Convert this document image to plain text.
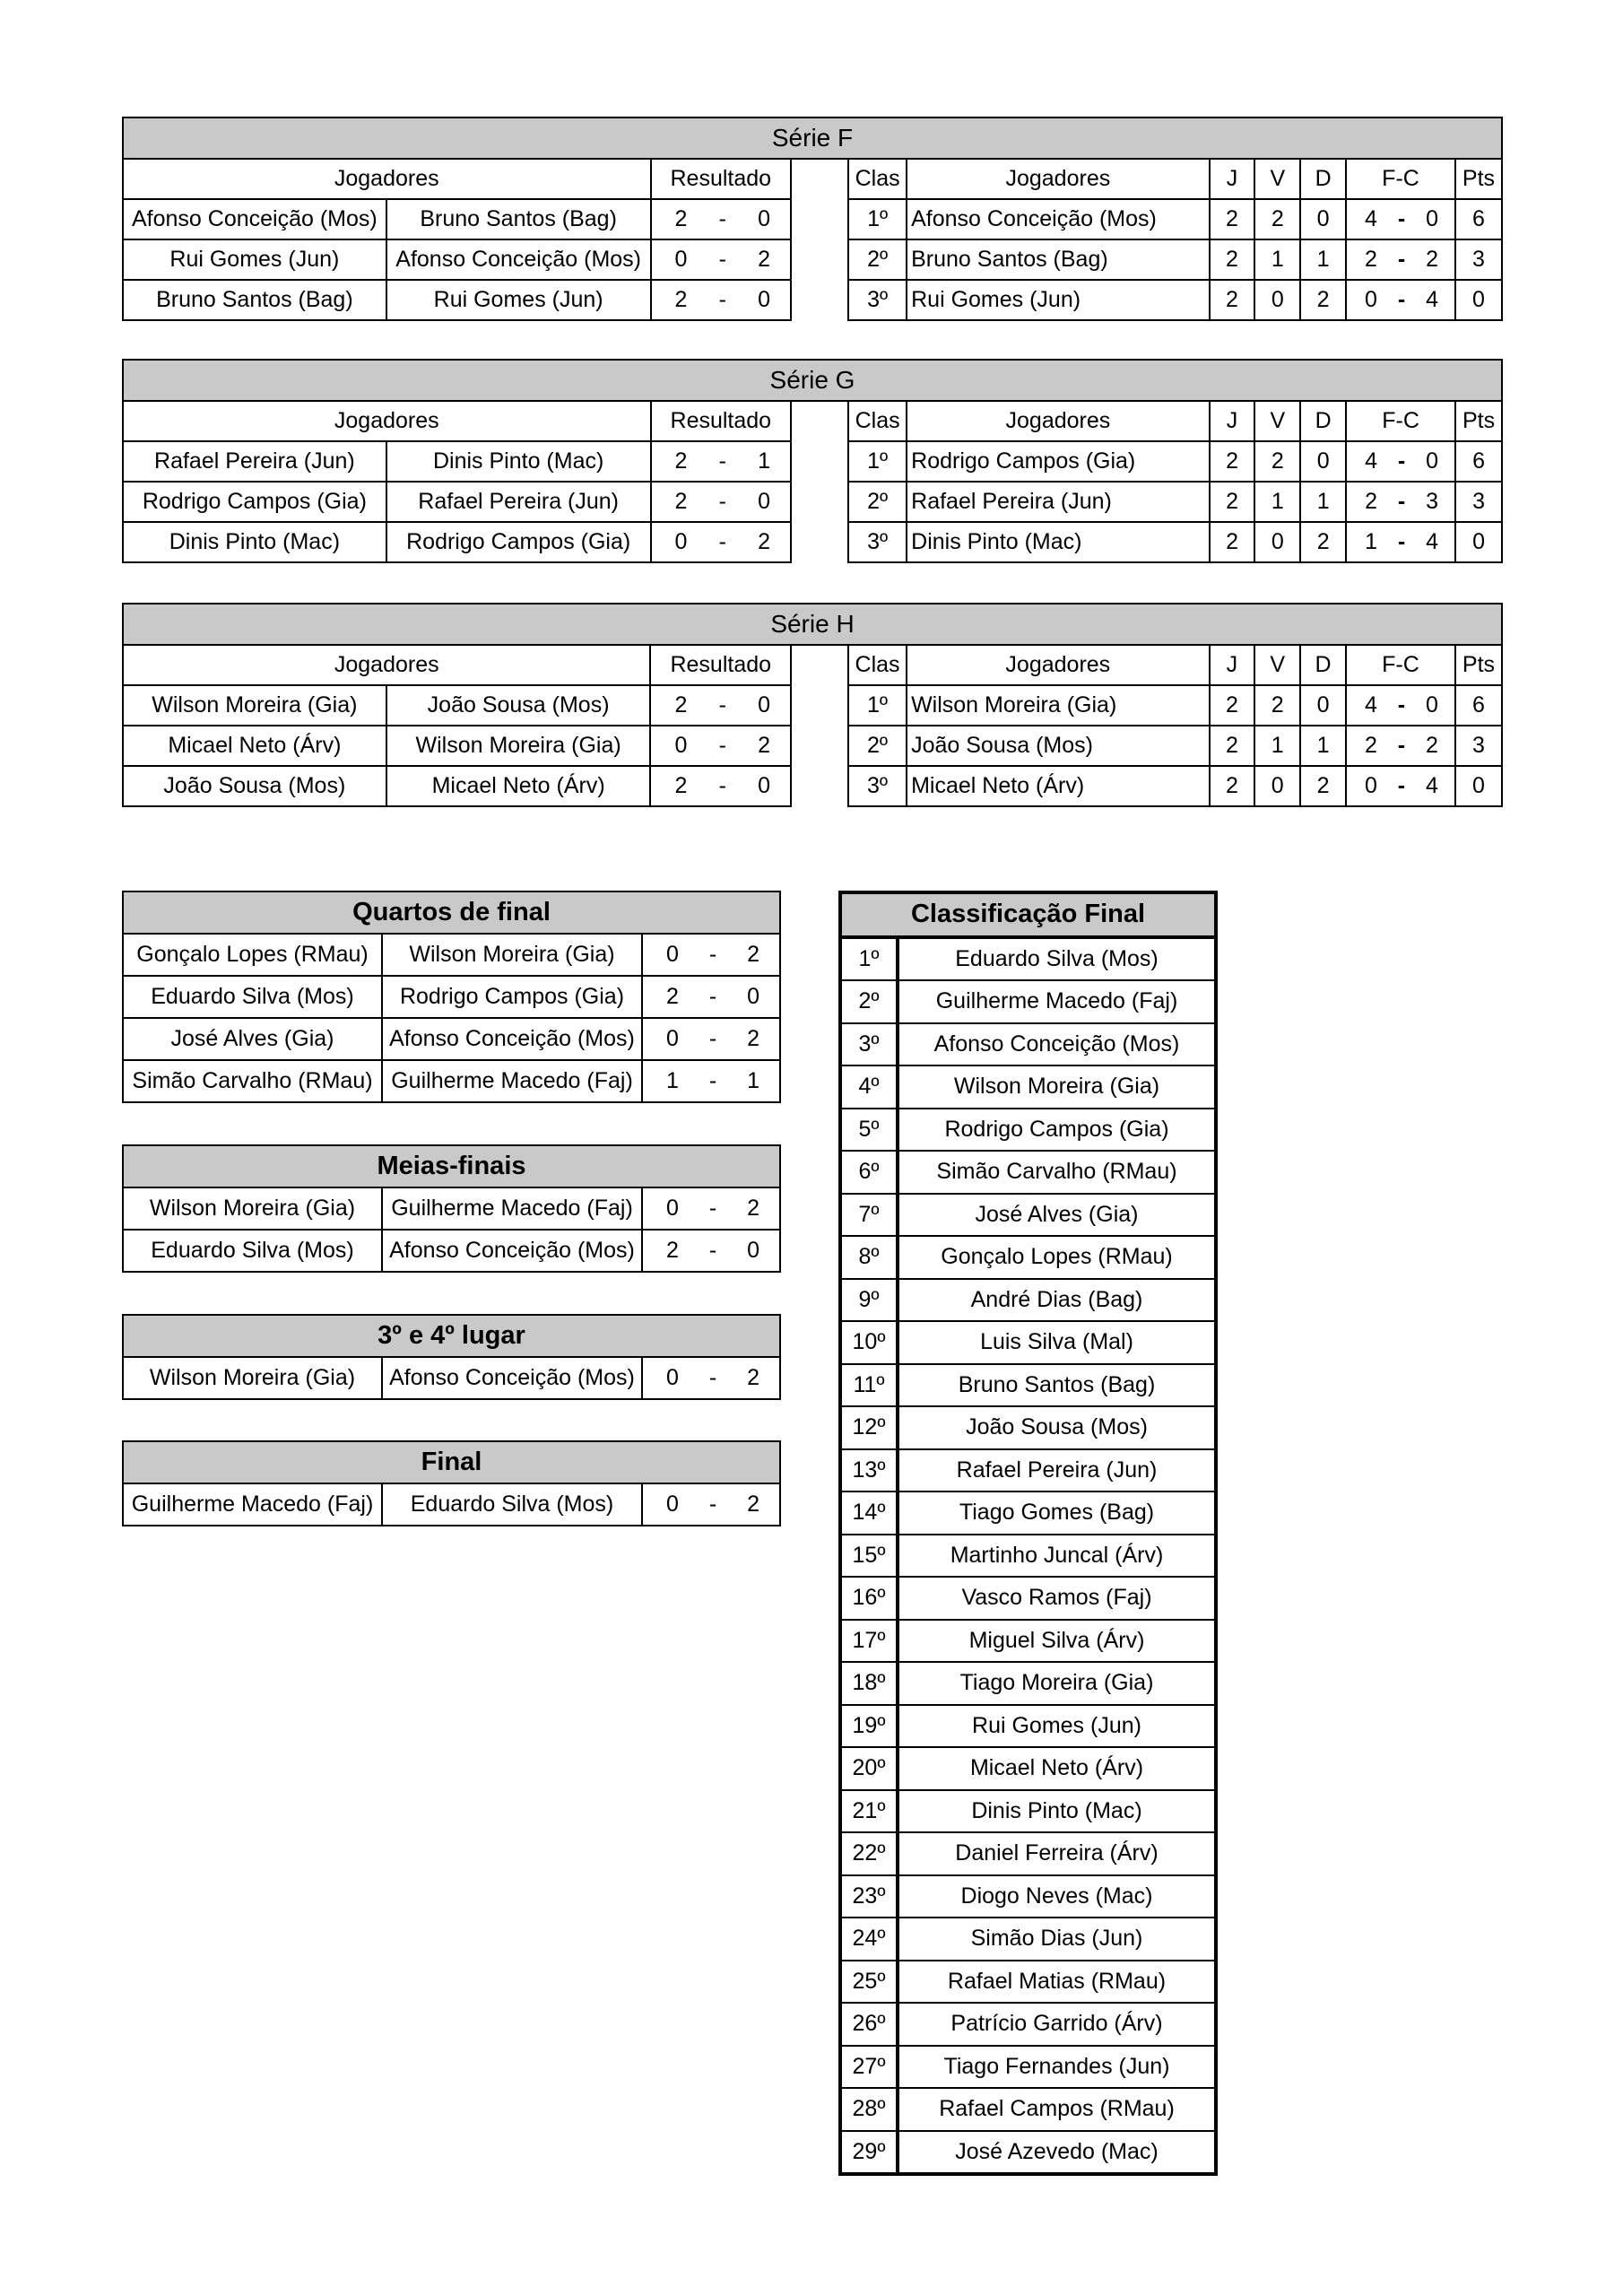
Série F										
Jogadores		Resultado		Clas	Jogadores	J	V	D	F-C	Pts
Afonso Conceição (Mos)	Bruno Santos (Bag)	2 - 0		1º	Afonso Conceição (Mos)	2	2	0	4 - 0	6
Rui Gomes (Jun)	Afonso Conceição (Mos)	0 - 2		2º	Bruno Santos (Bag)	2	1	1	2 - 2	3
Bruno Santos (Bag)	Rui Gomes (Jun)	2 - 0		3º	Rui Gomes (Jun)	2	0	2	0 - 4	0
Série G										
Jogadores		Resultado		Clas	Jogadores	J	V	D	F-C	Pts
Rafael Pereira (Jun)	Dinis Pinto (Mac)	2 - 1		1º	Rodrigo Campos (Gia)	2	2	0	4 - 0	6
Rodrigo Campos (Gia)	Rafael Pereira (Jun)	2 - 0		2º	Rafael Pereira (Jun)	2	1	1	2 - 3	3
Dinis Pinto (Mac)	Rodrigo Campos (Gia)	0 - 2		3º	Dinis Pinto (Mac)	2	0	2	1 - 4	0
Série H										
Jogadores		Resultado		Clas	Jogadores	J	V	D	F-C	Pts
Wilson Moreira (Gia)	João Sousa (Mos)	2 - 0		1º	Wilson Moreira (Gia)	2	2	0	4 - 0	6
Micael Neto (Árv)	Wilson Moreira (Gia)	0 - 2		2º	João Sousa (Mos)	2	1	1	2 - 2	3
João Sousa (Mos)	Micael Neto (Árv)	2 - 0		3º	Micael Neto (Árv)	2	0	2	0 - 4	0
Quartos de final		
Gonçalo Lopes (RMau)	Wilson Moreira (Gia)	0 - 2

Eduardo Silva (Mos)	Rodrigo Campos (Gia)	2 - 0

José Alves (Gia)	Afonso Conceição (Mos)	0 - 2

Simão Carvalho (RMau)	Guilherme Macedo (Faj)	1 - 1
Meias-finais		
Wilson Moreira (Gia)	Guilherme Macedo (Faj)	0 - 2

Eduardo Silva (Mos)	Afonso Conceição (Mos)	2 - 0
3º e 4º lugar
Wilson Moreira (Gia)	Afonso Conceição (Mos)	0 - 2
Final
Guilherme Macedo (Faj)	Eduardo Silva (Mos)	0 - 2
Classificação Final	
1º	Eduardo Silva (Mos)
2º	Guilherme Macedo (Faj)
3º	Afonso Conceição (Mos)
4º	Wilson Moreira (Gia)
5º	Rodrigo Campos (Gia)
6º	Simão Carvalho (RMau)
7º	José Alves (Gia)
8º	Gonçalo Lopes (RMau)
9º	André Dias (Bag)
10º	Luis Silva (Mal)
11º	Bruno Santos (Bag)
12º	João Sousa (Mos)
13º	Rafael Pereira (Jun)
14º	Tiago Gomes (Bag)
15º	Martinho Juncal (Árv)
16º	Vasco Ramos (Faj)
17º	Miguel Silva (Árv)
18º	Tiago Moreira (Gia)
19º	Rui Gomes (Jun)
20º	Micael Neto (Árv)
21º	Dinis Pinto (Mac)
22º	Daniel Ferreira (Árv)
23º	Diogo Neves (Mac)
24º	Simão Dias (Jun)
25º	Rafael Matias (RMau)
26º	Patrício Garrido (Árv)
27º	Tiago Fernandes (Jun)
28º	Rafael Campos (RMau)
29º	José Azevedo (Mac)
